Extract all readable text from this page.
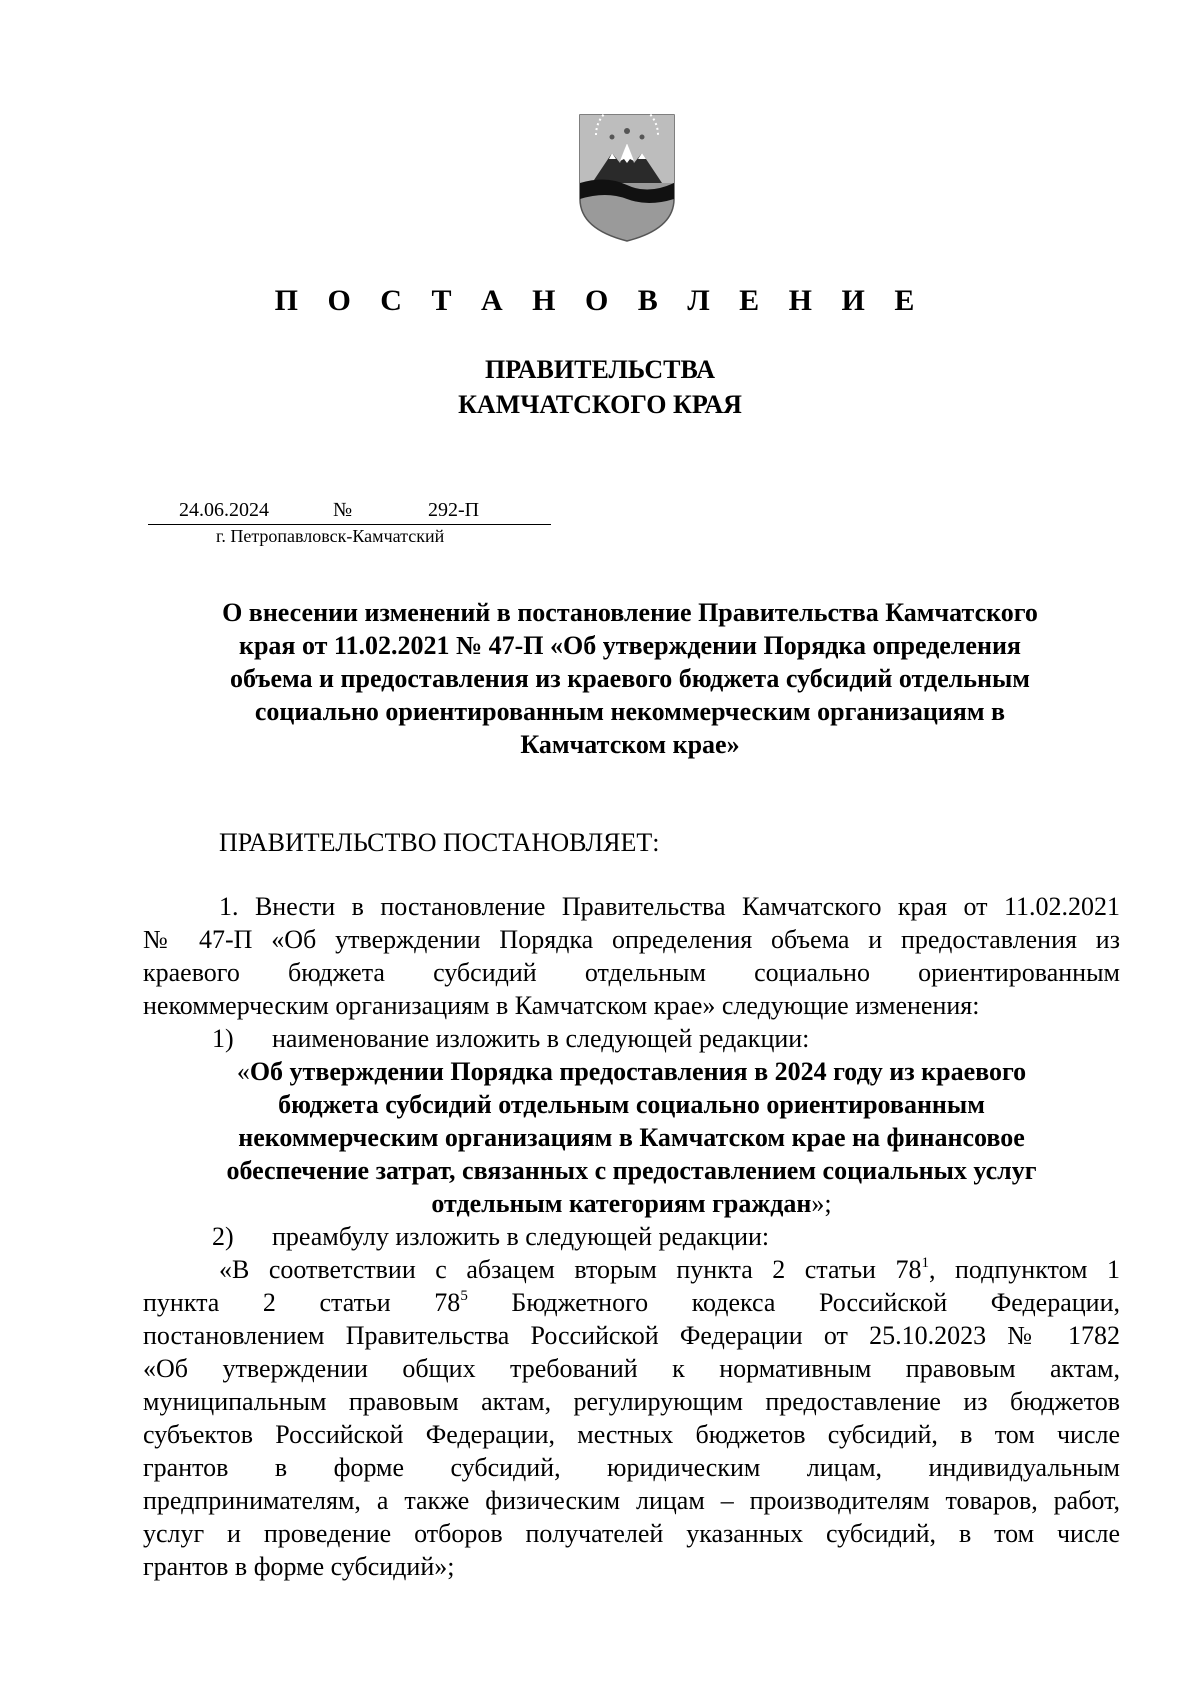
П О С Т А Н О В Л Е Н И Е
ПРАВИТЕЛЬСТВА
КАМЧАТСКОГО КРАЯ
24.06.2024	№	292-П
г. Петропавловск-Камчатский
О внесении изменений в постановление Правительства Камчатского
края от 11.02.2021 № 47-П «Об утверждении Порядка определения
объема и предоставления из краевого бюджета субсидий отдельным
социально ориентированным некоммерческим организациям в
Камчатском крае»
ПРАВИТЕЛЬСТВО ПОСТАНОВЛЯЕТ:
1. Внести в постановление Правительства Камчатского края от 11.02.2021
№ 47-П «Об утверждении Порядка определения объема и предоставления из
краевого бюджета субсидий отдельным социально ориентированным
некоммерческим организациям в Камчатском крае» следующие изменения:
1) наименование изложить в следующей редакции:
«Об утверждении Порядка предоставления в 2024 году из краевого
бюджета субсидий отдельным социально ориентированным
некоммерческим организациям в Камчатском крае на финансовое
обеспечение затрат, связанных с предоставлением социальных услуг
отдельным категориям граждан»;
2) преамбулу изложить в следующей редакции:
«В соответствии с абзацем вторым пункта 2 статьи $78^1$, подпунктом 1
пункта 2 статьи $78^5$ Бюджетного кодекса Российской Федерации,
постановлением Правительства Российской Федерации от 25.10.2023 № 1782
«Об утверждении общих требований к нормативным правовым актам,
муниципальным правовым актам, регулирующим предоставление из бюджетов
субъектов Российской Федерации, местных бюджетов субсидий, в том числе
грантов в форме субсидий, юридическим лицам, индивидуальным
предпринимателям, а также физическим лицам – производителям товаров, работ,
услуг и проведение отборов получателей указанных субсидий, в том числе
грантов в форме субсидий»;
